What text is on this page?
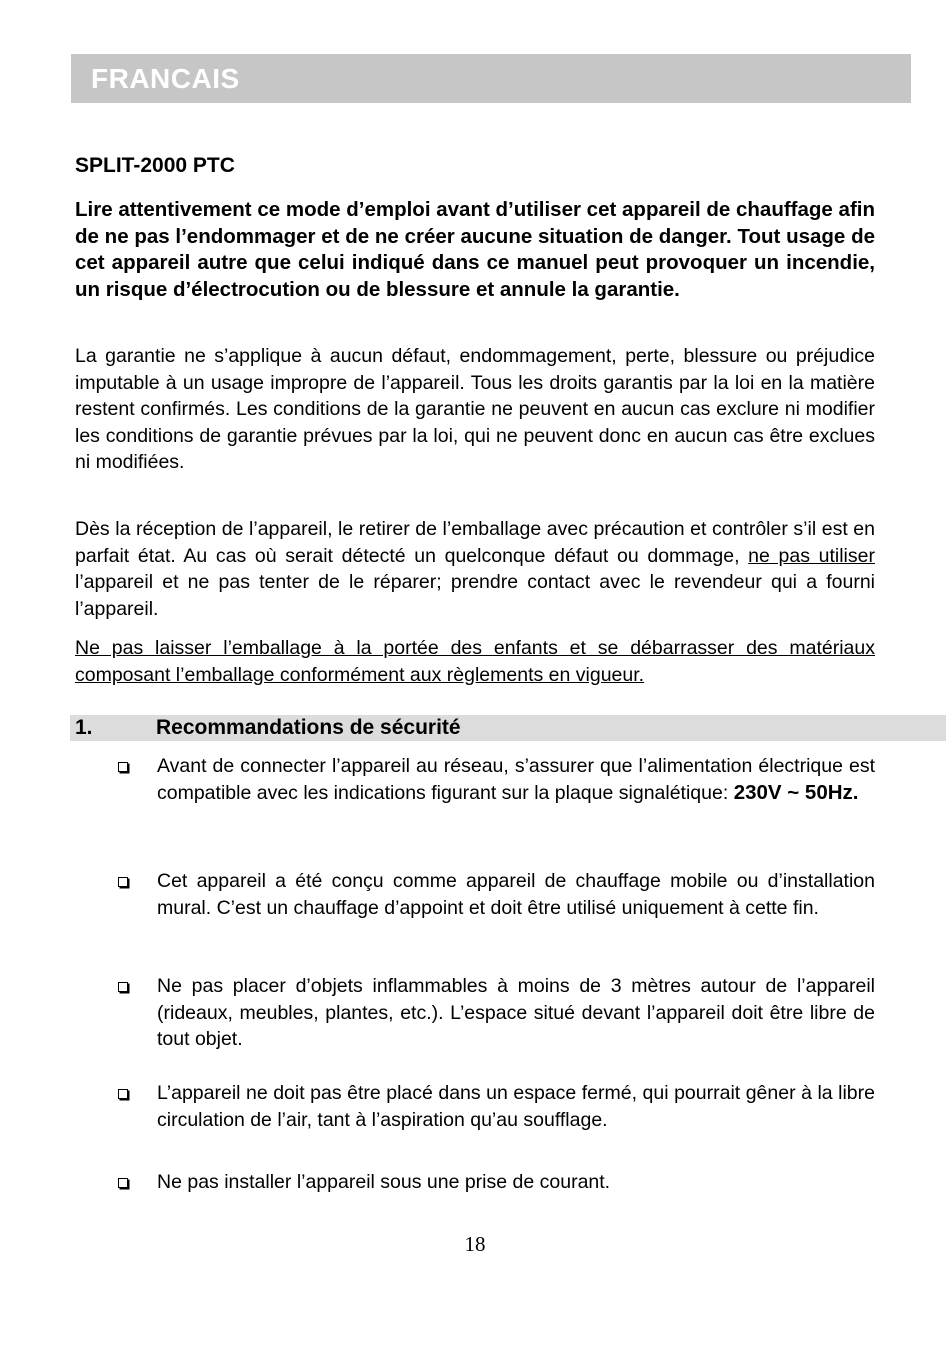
FRANCAIS
SPLIT-2000 PTC

Lire attentivement ce mode d’emploi avant d’utiliser cet appareil de chauffage afin de ne pas l’endommager et de ne créer aucune situation de danger. Tout usage de cet appareil autre que celui indiqué dans ce manuel peut provoquer un incendie, un risque d’électrocution ou de blessure et annule la garantie.

La garantie ne s’applique à aucun défaut, endommagement, perte, blessure ou préjudice imputable à un usage impropre de l’appareil. Tous les droits garantis par la loi en la matière restent confirmés. Les conditions de la garantie ne peuvent en aucun cas exclure ni modifier les conditions de garantie prévues par la loi, qui ne peuvent donc en aucun cas être exclues ni modifiées.

Dès la réception de l’appareil, le retirer de l’emballage avec précaution et contrôler s’il est en parfait état. Au cas où serait détecté un quelconque défaut ou dommage, ne pas utiliser l’appareil et ne pas tenter de le réparer; prendre contact avec le revendeur qui a fourni l’appareil.

Ne pas laisser l’emballage à la portée des enfants et se débarrasser des matériaux composant l’emballage conformément aux règlements en vigueur.

1.	Recommandations de sécurité

Avant de connecter l’appareil au réseau, s’assurer que l’alimentation électrique est compatible avec les indications figurant sur la plaque signalétique: 230V ~ 50Hz.

Cet appareil a été conçu comme appareil de chauffage mobile ou d’installation mural. C’est un chauffage d’appoint et doit être utilisé uniquement à cette fin.

Ne pas placer d’objets inflammables à moins de 3 mètres autour de l’appareil (rideaux, meubles, plantes, etc.). L’espace situé devant l’appareil doit être libre de tout objet.

L’appareil ne doit pas être placé dans un espace fermé, qui pourrait gêner à la libre circulation de l’air, tant à l’aspiration qu’au soufflage.

Ne pas installer l’appareil sous une prise de courant.

18
